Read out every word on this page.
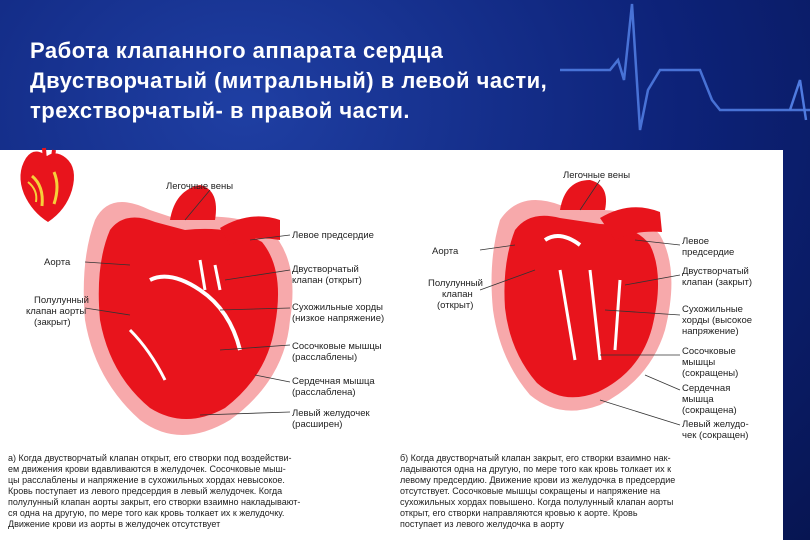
Работа клапанного аппарата сердца
Двустворчатый (митральный) в левой части,
трехстворчатый- в правой части.
Легочные вены
Левое предсердие
Аорта
Двустворчатый
клапан (открыт)
Полулунный
клапан аорты
(закрыт)
Сухожильные хорды
(низкое напряжение)
Сосочковые мышцы
(расслаблены)
Сердечная мышца
(расслаблена)
Левый желудочек
(расширен)
Легочные вены
Аорта
Левое
предсердие
Полулунный
клапан
(открыт)
Двустворчатый
клапан (закрыт)
Сухожильные
хорды (высокое
напряжение)
Сосочковые
мышцы
(сокращены)
Сердечная
мышца
(сокращена)
Левый желудо-
чек (сокращен)
а) Когда двустворчатый клапан открыт, его створки под воздействи-
ем движения крови вдавливаются в желудочек. Сосочковые мыш-
цы расслаблены и напряжение в сухожильных хордах невысокое.
Кровь поступает из левого предсердия в левый желудочек. Когда
полулунный клапан аорты закрыт, его створки взаимно накладывают-
ся одна на другую, по мере того как кровь толкает их к желудочку.
Движение крови из аорты в желудочек отсутствует
б) Когда двустворчатый клапан закрыт, его створки взаимно нак-
ладываются одна на другую, по мере того как кровь толкает их к
левому предсердию. Движение крови из желудочка в предсердие
отсутствует. Сосочковые мышцы сокращены и напряжение на
сухожильных хордах повышено. Когда полулунный клапан аорты
открыт, его створки направляются кровью к аорте. Кровь
поступает из левого желудочка в аорту
